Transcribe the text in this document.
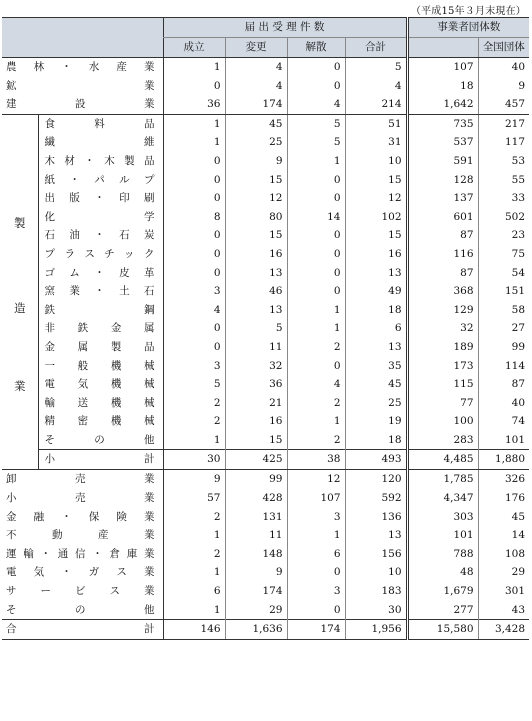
（平成15年３月末現在）
		届 出 受 理 件 数				事業者団体数	
		成立	変更	解散	合計		全国団体
農林・水産業		1	4	0	5	107	40
鉱　　　　　業		0	4	0	4	18	9
建　　設　　業		36	174	4	214	1,642	457

製
造
業	食　料　品	1	45	5	51	735	217
	繊　　　維	1	25	5	31	537	117
	木材・木製品	0	9	1	10	591	53
	紙・パルプ	0	15	0	15	128	55
	出版・印刷	0	12	0	12	137	33
	化　　　学	8	80	14	102	601	502
	石油・石炭	0	15	0	15	87	23
	プラスチック	0	16	0	16	116	75
	ゴム・皮革	0	13	0	13	87	54
	窯業・土石	3	46	0	49	368	151
	鉄　　　鋼	4	13	1	18	129	58
	非 鉄 金 属	0	5	1	6	32	27
	金属製品	0	11	2	13	189	99
	一般機械	3	32	0	35	173	114
	電気機械	5	36	4	45	115	87
	輸送機械	2	21	2	25	77	40
	精密機械	2	16	1	19	100	74
	そ　の　他	1	15	2	18	283	101
	小　　　計	30	425	38	493	4,485	1,880
卸　　売　　業		9	99	12	120	1,785	326
小　　売　　業		57	428	107	592	4,347	176
金融・保険業		2	131	3	136	303	45
不 動 産 業		1	11	1	13	101	14
運輸・通信・倉庫業		2	148	6	156	788	108
電気・ガス業		1	9	0	10	48	29
サービス業		6	174	3	183	1,679	301
そ　　の　　他		1	29	0	30	277	43
合　　　　　計		146	1,636	174	1,956	15,580	3,428
